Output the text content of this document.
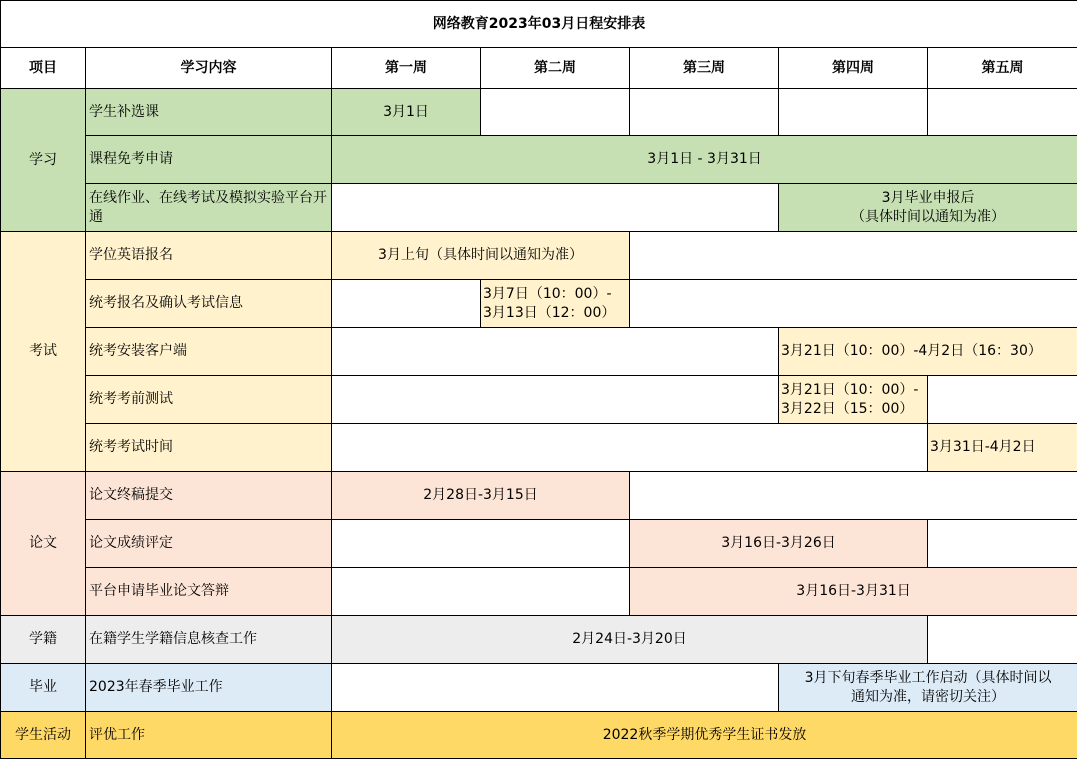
网络教育2023年03月日程安排表						
项目	学习内容	第一周	第二周	第三周	第四周	第五周
学习	学生补选课	3月1日				
	课程免考申请	3月1日 - 3月31日				
	在线作业、在线考试及模拟实验平台开通				3月毕业申报后
（具体时间以通知为准）	

考试	学位英语报名	3月上旬（具体时间以通知为准）				
	统考报名及确认考试信息		3月7日（10：00）-
3月13日（12：00）			

	统考安装客户端				3月21日（10：00）-4月2日（16：30）	
	统考考前测试				3月21日（10：00）-
3月22日（15：00）	

	统考考试时间					3月31日-4月2日
论文	论文终稿提交	2月28日-3月15日				
	论文成绩评定			3月16日-3月26日		
	平台申请毕业论文答辩			3月16日-3月31日		
学籍	在籍学生学籍信息核查工作	2月24日-3月20日				
毕业	2023年春季毕业工作				3月下旬春季毕业工作启动（具体时间以
通知为准，请密切关注）	

学生活动	评优工作	2022秋季学期优秀学生证书发放				
